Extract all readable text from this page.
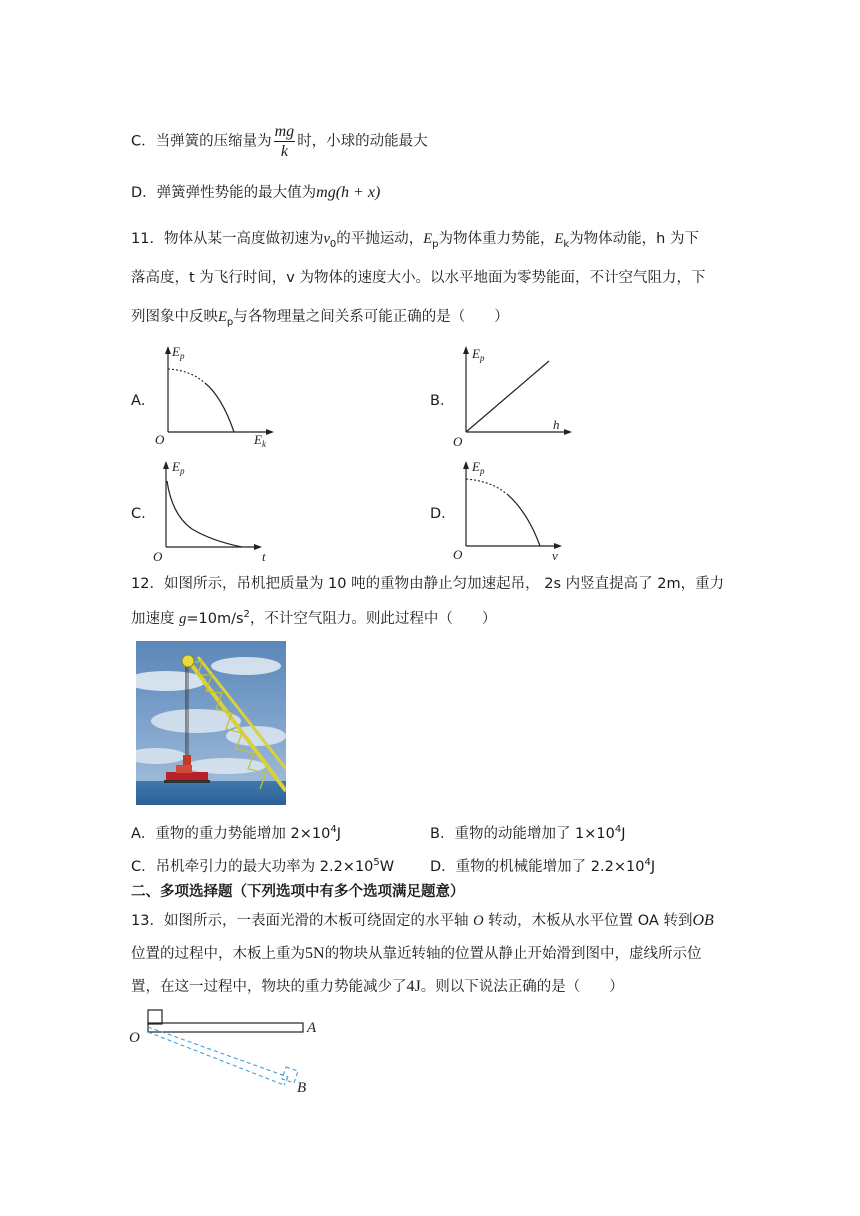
C．当弹簧的压缩量为 $\frac{mg}{k}$ 时，小球的动能最大
D．弹簧弹性势能的最大值为mg(h + x)
11．物体从某一高度做初速为$v_0$的平抛运动，$E_p$为物体重力势能，$E_k$为物体动能，h 为下
落高度，t 为飞行时间，v 为物体的速度大小。以水平地面为零势能面，不计空气阻力，下
列图象中反映$E_p$与各物理量之间关系可能正确的是（　　）
A．	B．
C．	D．
$E_p$
$E_k$
O
$E_p$
h
O
$E_p$
t
O
$E_p$
v
O
12．如图所示，吊机把质量为 10 吨的重物由静止匀加速起吊， 2s 内竖直提高了 2m，重力
加速度 $g=10m/s^2$，不计空气阻力。则此过程中（　　）
A．重物的重力势能增加 $2\times 10^4J$	B．重物的动能增加了 $1\times 10^4J$
C．吊机牵引力的最大功率为 $2.2\times 10^5W$ D．重物的机械能增加了 $2.2\times 10^4J$
二、多项选择题（下列选项中有多个选项满足题意）
13．如图所示，一表面光滑的木板可绕固定的水平轴 O 转动，木板从水平位置 OA 转到OB
位置的过程中，木板上重为5N的物块从靠近转轴的位置从静止开始滑到图中，虚线所示位
置，在这一过程中，物块的重力势能减少了4J。则以下说法正确的是（　　）
O
A
B
